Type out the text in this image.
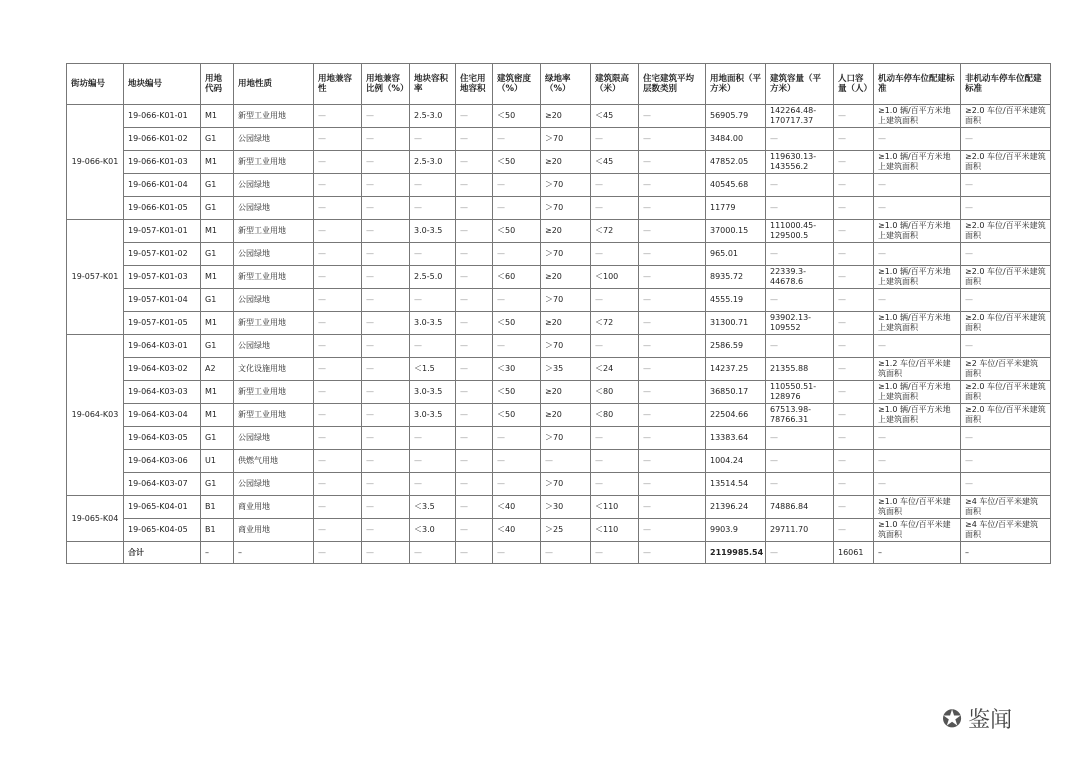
街坊编号	地块编号	用地代码	用地性质	用地兼容性	用地兼容比例（%）	地块容积率	住宅用地容积	建筑密度（%）	绿地率（%）	建筑限高（米）	住宅建筑平均层数类别	用地面积（平方米）	建筑容量（平方米）	人口容量（人）	机动车停车位配建标准	非机动车停车位配建标准
19-066-K01	19-066-K01-01	M1	新型工业用地	—	—	2.5-3.0	—	＜50	≥20	＜45	—	56905.79	142264.48-170717.37	—	≥1.0 辆/百平方米地上建筑面积	≥2.0 车位/百平米建筑面积
	19-066-K01-02	G1	公园绿地	—	—	—	—	—	＞70	—	—	3484.00	—	—	—	—
	19-066-K01-03	M1	新型工业用地	—	—	2.5-3.0	—	＜50	≥20	＜45	—	47852.05	119630.13-143556.2	—	≥1.0 辆/百平方米地上建筑面积	≥2.0 车位/百平米建筑面积
	19-066-K01-04	G1	公园绿地	—	—	—	—	—	＞70	—	—	40545.68	—	—	—	—
	19-066-K01-05	G1	公园绿地	—	—	—	—	—	＞70	—	—	11779	—	—	—	—
19-057-K01	19-057-K01-01	M1	新型工业用地	—	—	3.0-3.5	—	＜50	≥20	＜72	—	37000.15	111000.45-129500.5	—	≥1.0 辆/百平方米地上建筑面积	≥2.0 车位/百平米建筑面积
	19-057-K01-02	G1	公园绿地	—	—	—	—	—	＞70	—	—	965.01	—	—	—	—
	19-057-K01-03	M1	新型工业用地	—	—	2.5-5.0	—	＜60	≥20	＜100	—	8935.72	22339.3-44678.6	—	≥1.0 辆/百平方米地上建筑面积	≥2.0 车位/百平米建筑面积
	19-057-K01-04	G1	公园绿地	—	—	—	—	—	＞70	—	—	4555.19	—	—	—	—
	19-057-K01-05	M1	新型工业用地	—	—	3.0-3.5	—	＜50	≥20	＜72	—	31300.71	93902.13-109552	—	≥1.0 辆/百平方米地上建筑面积	≥2.0 车位/百平米建筑面积
19-064-K03	19-064-K03-01	G1	公园绿地	—	—	—	—	—	＞70	—	—	2586.59	—	—	—	—
	19-064-K03-02	A2	文化设施用地	—	—	＜1.5	—	＜30	＞35	＜24	—	14237.25	21355.88	—	≥1.2 车位/百平米建筑面积	≥2 车位/百平米建筑面积
	19-064-K03-03	M1	新型工业用地	—	—	3.0-3.5	—	＜50	≥20	＜80	—	36850.17	110550.51-128976	—	≥1.0 辆/百平方米地上建筑面积	≥2.0 车位/百平米建筑面积
	19-064-K03-04	M1	新型工业用地	—	—	3.0-3.5	—	＜50	≥20	＜80	—	22504.66	67513.98-78766.31	—	≥1.0 辆/百平方米地上建筑面积	≥2.0 车位/百平米建筑面积
	19-064-K03-05	G1	公园绿地	—	—	—	—	—	＞70	—	—	13383.64	—	—	—	—
	19-064-K03-06	U1	供燃气用地	—	—	—	—	—	—	—	—	1004.24	—	—	—	—
	19-064-K03-07	G1	公园绿地	—	—	—	—	—	＞70	—	—	13514.54	—	—	—	—
19-065-K04	19-065-K04-01	B1	商业用地	—	—	＜3.5	—	＜40	＞30	＜110	—	21396.24	74886.84	—	≥1.0 车位/百平米建筑面积	≥4 车位/百平米建筑面积
	19-065-K04-05	B1	商业用地	—	—	＜3.0	—	＜40	＞25	＜110	—	9903.9	29711.70	—	≥1.0 车位/百平米建筑面积	≥4 车位/百平米建筑面积
	合计	–	–	—	—	—	—	—	—	—	—	2119985.54	—	16061	–	–
✪ 鉴闻
